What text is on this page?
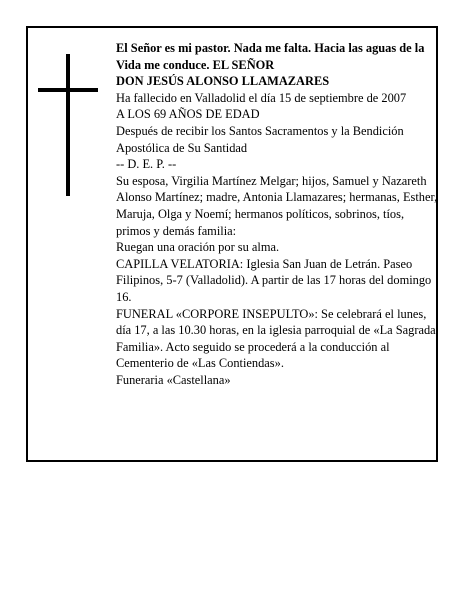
El Señor es mi pastor. Nada me falta. Hacia las aguas de la Vida me conduce. EL SEÑOR

DON JESÚS ALONSO LLAMAZARES

Ha fallecido en Valladolid el día 15 de septiembre de 2007

A LOS 69 AÑOS DE EDAD

Después de recibir los Santos Sacramentos y la Bendición Apostólica de Su Santidad

-- D. E. P. --

Su esposa, Virgilia Martínez Melgar; hijos, Samuel y Nazareth Alonso Martínez; madre, Antonia Llamazares; hermanas, Esther, Maruja, Olga y Noemí; hermanos políticos, sobrinos, tíos, primos y demás familia:

Ruegan una oración por su alma.

CAPILLA VELATORIA: Iglesia San Juan de Letrán. Paseo Filipinos, 5-7 (Valladolid). A partir de las 17 horas del domingo 16.

FUNERAL «CORPORE INSEPULTO»: Se celebrará el lunes, día 17, a las 10.30 horas, en la iglesia parroquial de «La Sagrada Familia». Acto seguido se procederá a la conducción al Cementerio de «Las Contiendas».

Funeraria «Castellana»
